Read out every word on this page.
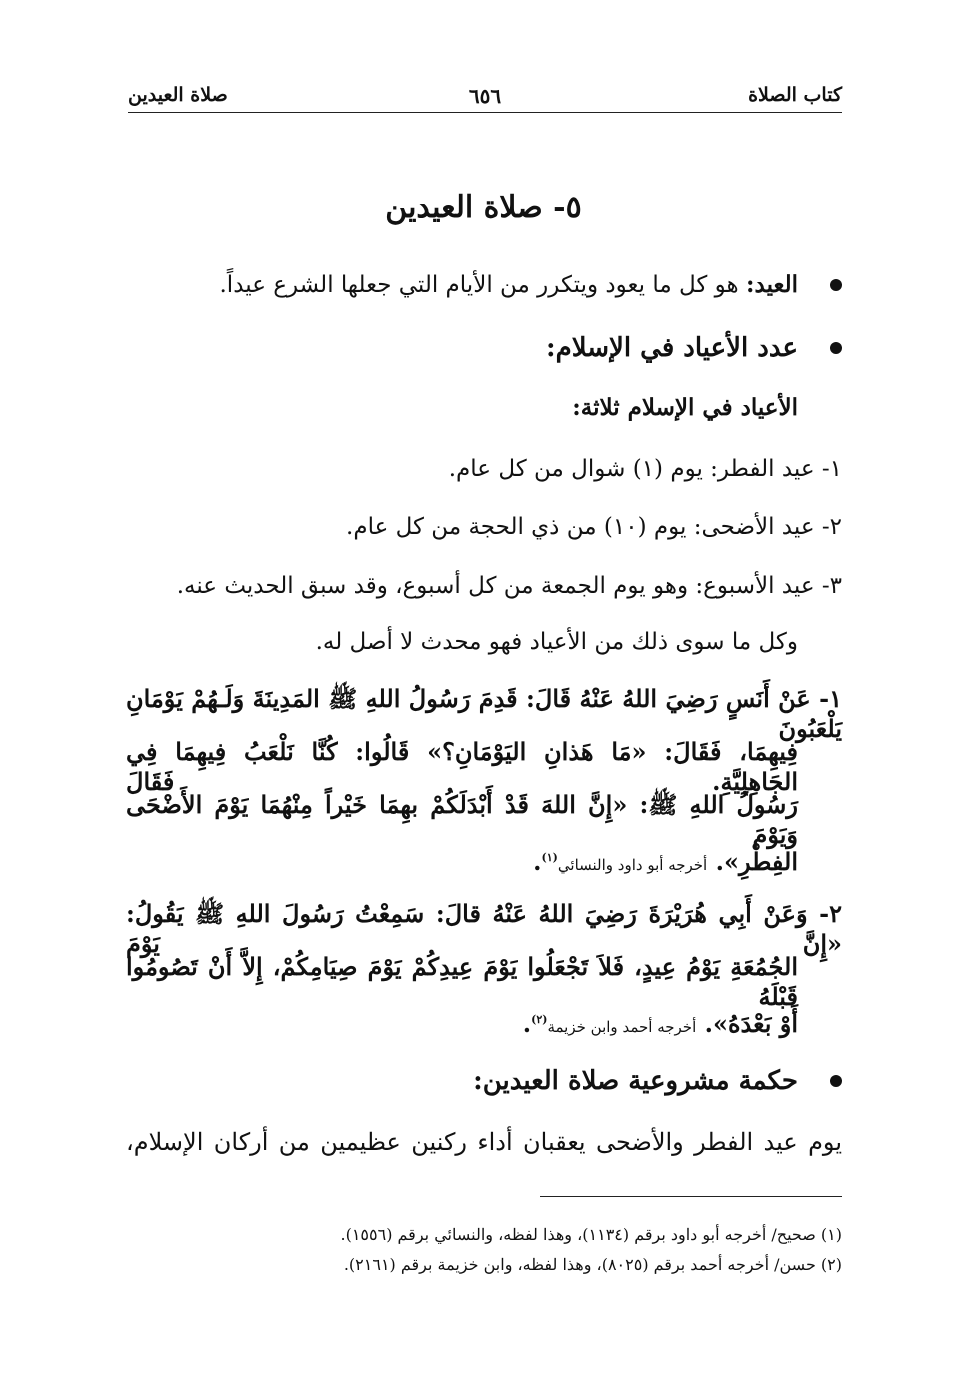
كتاب الصلاة
٦٥٦
صلاة العيدين
٥- صلاة العيدين
العيد: هو كل ما يعود ويتكرر من الأيام التي جعلها الشرع عيداً.
عدد الأعياد في الإسلام:
الأعياد في الإسلام ثلاثة:
١- عيد الفطر: يوم (١) شوال من كل عام.
٢- عيد الأضحى: يوم (١٠) من ذي الحجة من كل عام.
٣- عيد الأسبوع: وهو يوم الجمعة من كل أسبوع، وقد سبق الحديث عنه.
وكل ما سوى ذلك من الأعياد فهو محدث لا أصل له.
١- عَنْ أَنَسٍ رَضِيَ اللهُ عَنْهُ قَالَ: قَدِمَ رَسُولُ اللهِ ﷺ المَدِينَةَ وَلَـهُمْ يَوْمَانِ يَلْعَبُونَ
فِيهِمَا، فَقَالَ: «مَا هَذانِ اليَوْمَانِ؟» قَالُوا: كُنَّا نَلْعَبُ فِيهِمَا فِي الجَاهِلِيَّةِ. فَقَالَ
رَسُولُ اللهِ ﷺ: «إِنَّ اللهَ قَدْ أَبْدَلَكُمْ بهِمَا خَيْراً مِنْهُمَا يَوْمَ الأَضْحَى وَيَوْمَ
الفِطْرِ». أخرجه أبو داود والنسائي$^{(١)}$.
٢- وَعَنْ أَبِي هُرَيْرَةَ رَضِيَ اللهُ عَنْهُ قالَ: سَمِعْتُ رَسُولَ اللهِ ﷺ يَقُولُ: «إِنَّ يَوْمَ
الجُمُعَةِ يَوْمُ عِيدٍ، فَلاَ تَجْعَلُوا يَوْمَ عِيدِكُمْ يَوْمَ صِيَامِكُمْ، إِلاَّ أَنْ تَصُومُوا قَبْلَهُ
أَوْ بَعْدَهُ». أخرجه أحمد وابن خزيمة$^{(٢)}$.
حكمة مشروعية صلاة العيدين:
يوم عيد الفطر والأضحى يعقبان أداء ركنين عظيمين من أركان الإسلام،
(١) صحيح/ أخرجه أبو داود برقم (١١٣٤)، وهذا لفظه، والنسائي برقم (١٥٥٦).
(٢) حسن/ أخرجه أحمد برقم (٨٠٢٥)، وهذا لفظه، وابن خزيمة برقم (٢١٦١).
